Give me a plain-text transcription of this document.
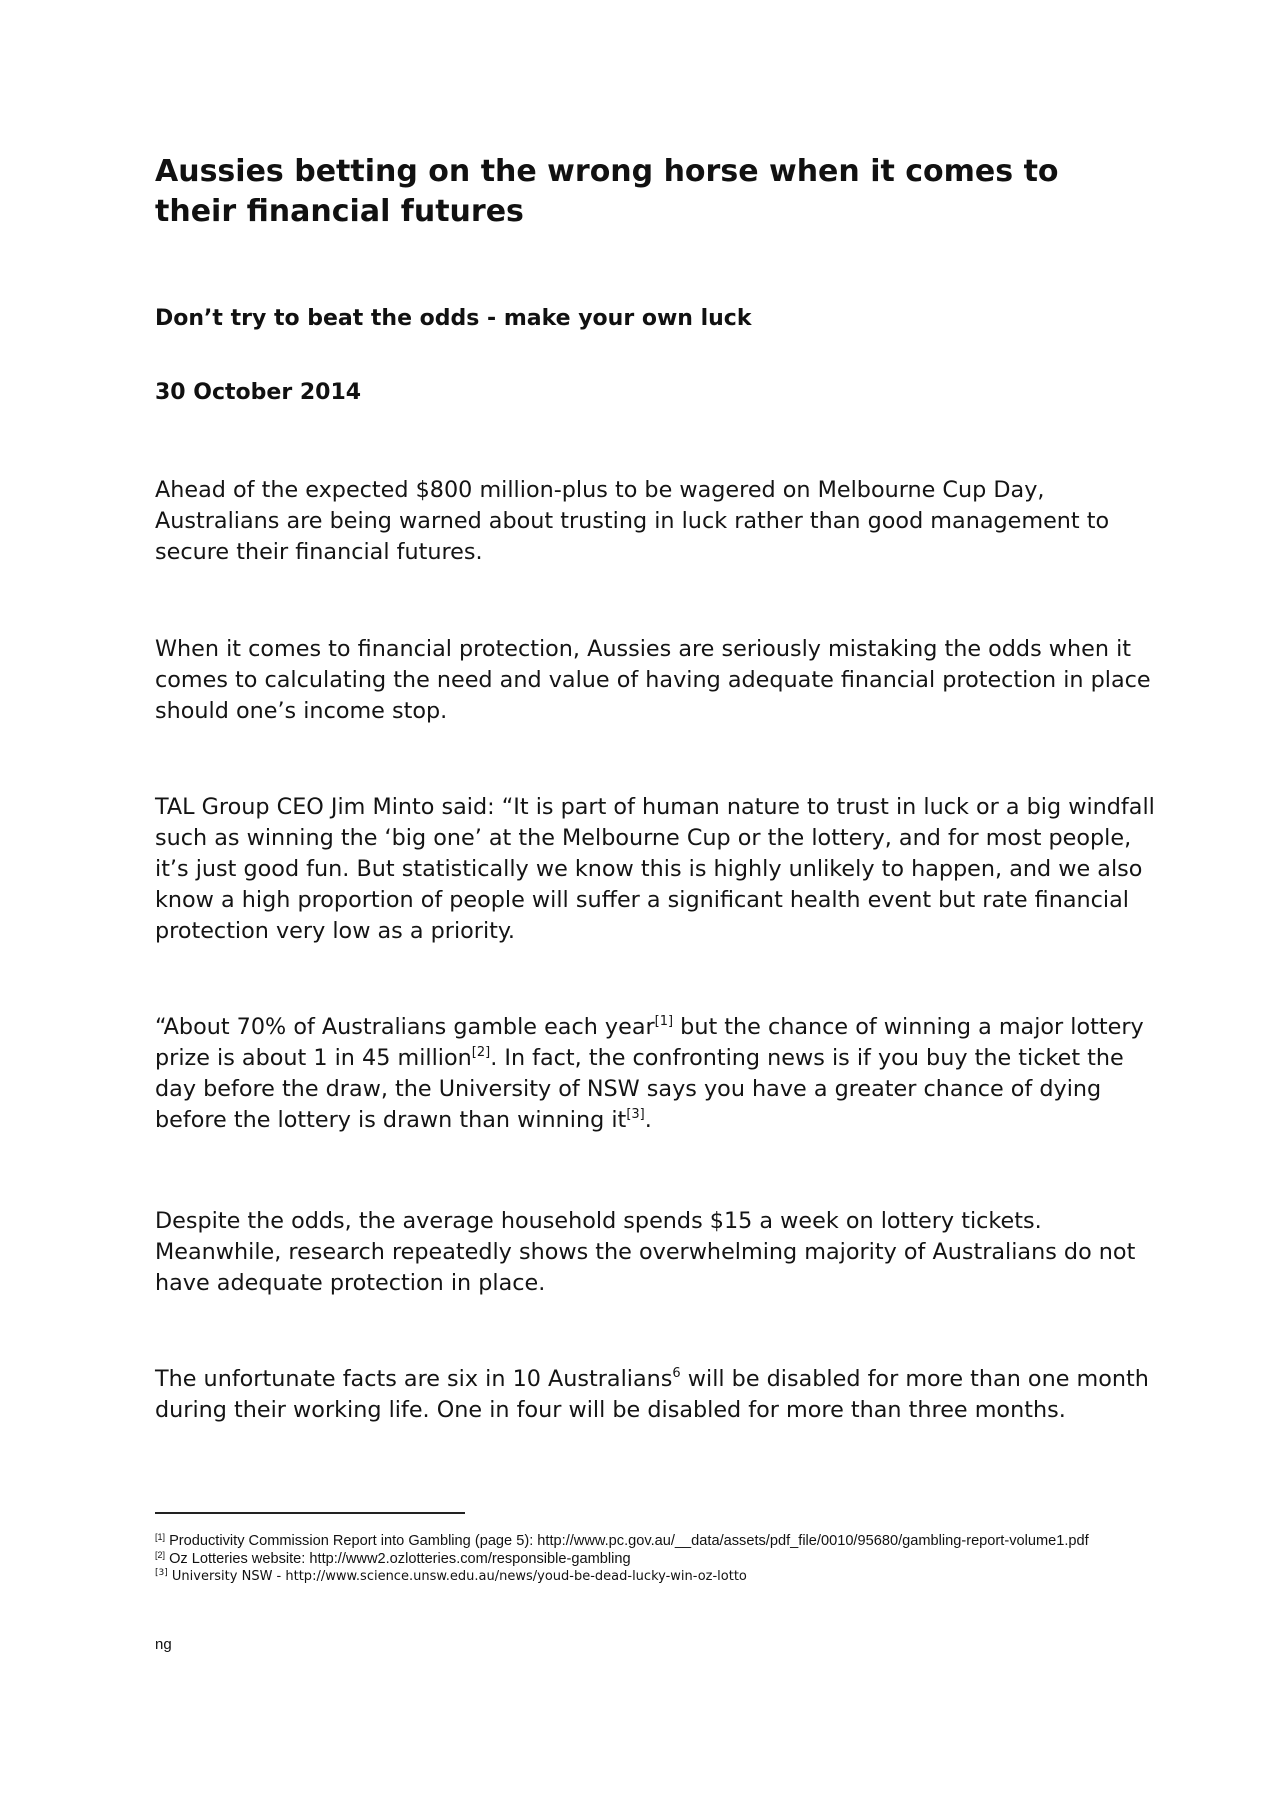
Aussies betting on the wrong horse when it comes to their financial futures

Don’t try to beat the odds - make your own luck

30 October 2014

Ahead of the expected $800 million-plus to be wagered on Melbourne Cup Day, Australians are being warned about trusting in luck rather than good management to secure their financial futures.

When it comes to financial protection, Aussies are seriously mistaking the odds when it comes to calculating the need and value of having adequate financial protection in place should one’s income stop.

TAL Group CEO Jim Minto said: “It is part of human nature to trust in luck or a big windfall such as winning the ‘big one’ at the Melbourne Cup or the lottery, and for most people, it’s just good fun. But statistically we know this is highly unlikely to happen, and we also know a high proportion of people will suffer a significant health event but rate financial protection very low as a priority.

“About 70% of Australians gamble each year[1] but the chance of winning a major lottery prize is about 1 in 45 million[2]. In fact, the confronting news is if you buy the ticket the day before the draw, the University of NSW says you have a greater chance of dying before the lottery is drawn than winning it[3].

Despite the odds, the average household spends $15 a week on lottery tickets. Meanwhile, research repeatedly shows the overwhelming majority of Australians do not have adequate protection in place.

The unfortunate facts are six in 10 Australians$^6$ will be disabled for more than one month during their working life. One in four will be disabled for more than three months.

[1] Productivity Commission Report into Gambling (page 5): http://www.pc.gov.au/__data/assets/pdf_file/0010/95680/gambling-report-volume1.pdf

[2] Oz Lotteries website: http://www2.ozlotteries.com/responsible-gambling

[3] University NSW - http://www.science.unsw.edu.au/news/youd-be-dead-lucky-win-oz-lotto

ng
